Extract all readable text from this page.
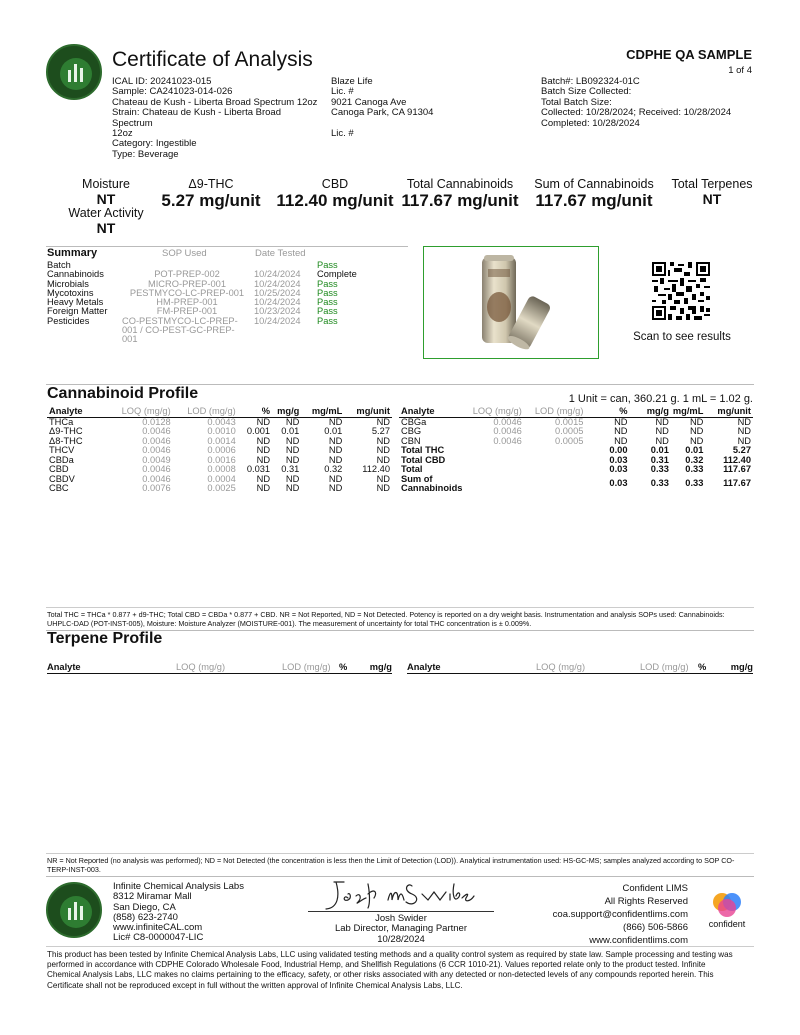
Certificate of Analysis	CDPHE QA SAMPLE
1 of 4
ICAL ID: 20241023-015
Sample: CA241023-014-026
Chateau de Kush - Liberta Broad Spectrum 12oz
Strain: Chateau de Kush - Liberta Broad Spectrum
12oz
Category: Ingestible
Type: Beverage
Blaze Life
Lic. #
9021 Canoga Ave
Canoga Park, CA 91304
Lic. #
Batch#: LB092324-01C
Batch Size Collected:
Total Batch Size:
Collected: 10/28/2024; Received: 10/28/2024
Completed: 10/28/2024
Moisture
NT
Water Activity
NT
Δ9-THC
5.27 mg/unit
CBD
112.40 mg/unit
Total Cannabinoids
117.67 mg/unit
Sum of Cannabinoids
117.67 mg/unit
Total Terpenes
NT
Summary	SOP Used	Date Tested
Batch	Pass
Cannabinoids	POT-PREP-002	10/24/2024 Complete
Microbials	MICRO-PREP-001	10/24/2024 Pass
Mycotoxins	PESTMYCO-LC-PREP-001	10/25/2024 Pass
Heavy Metals	HM-PREP-001	10/24/2024 Pass
Foreign Matter	FM-PREP-001	10/23/2024 Pass
Pesticides	CO-PESTMYCO-LC-PREP- 10/24/2024 Pass
001 / CO-PEST-GC-PREP-
001	Scan to see results
Cannabinoid Profile	1 Unit = can, 360.21 g. 1 mL = 1.02 g.
Analyte	LOQ (mg/g)	LOD (mg/g)	%	mg/g	mg/mL	mg/unit
THCa	0.0128	0.0043	ND	ND	ND	ND
Δ9-THC	0.0046	0.0010	0.001	0.01	0.01	5.27
Δ8-THC	0.0046	0.0014	ND	ND	ND	ND
THCV	0.0046	0.0006	ND	ND	ND	ND
CBDa	0.0049	0.0016	ND	ND	ND	ND
CBD	0.0046	0.0008	0.031	0.31	0.32	112.40
CBDV	0.0046	0.0004	ND	ND	ND	ND
CBC	0.0076	0.0025	ND	ND	ND	ND
Analyte	LOQ (mg/g)	LOD (mg/g)	%	mg/g	mg/mL	mg/unit
CBGa	0.0046	0.0015	ND	ND	ND	ND
CBG	0.0046	0.0005	ND	ND	ND	ND
CBN	0.0046	0.0005	ND	ND	ND	ND
Total THC			0.00	0.01	0.01	5.27
Total CBD			0.03	0.31	0.32	112.40
Total			0.03	0.33	0.33	117.67

Sum of
Cannabinoids			0.03	0.33	0.33	117.67
Total THC = THCa * 0.877 + d9-THC; Total CBD = CBDa * 0.877 + CBD. NR = Not Reported, ND = Not Detected. Potency is reported on a dry weight basis. Instrumentation and analysis SOPs used: Cannabinoids:
UHPLC-DAD (POT-INST-005), Moisture: Moisture Analyzer (MOISTURE-001). The measurement of uncertainty for total THC concentration is ± 0.009%.
Terpene Profile
Analyte	LOQ (mg/g)	LOD (mg/g) % mg/g Analyte	LOQ (mg/g)	LOD (mg/g) %	mg/g
NR = Not Reported (no analysis was performed); ND = Not Detected (the concentration is less then the Limit of Detection (LOD)). Analytical instrumentation used: HS-GC-MS; samples analyzed according to SOP CO-
TERP-INST-003.
Infinite Chemical Analysis Labs
8312 Miramar Mall
San Diego, CA
(858) 623-2740
www.infiniteCAL.com
Lic# C8-0000047-LIC
Josh Swider
Lab Director, Managing Partner
10/28/2024
Confident LIMS
All Rights Reserved
coa.support@confidentlims.com
(866) 506-5866
www.confidentlims.com
confident
This product has been tested by Infinite Chemical Analysis Labs, LLC using validated testing methods and a quality control system as required by state law. Sample processing and testing was
performed in accordance with CDPHE Colorado Wholesale Food, Industrial Hemp, and Shellfish Regulations (6 CCR 1010-21). Values reported relate only to the product tested. Infinite
Chemical Analysis Labs, LLC makes no claims pertaining to the efficacy, safety, or other risks associated with any detected or non-detected levels of any compounds reported herein. This
Certificate shall not be reproduced except in full without the written approval of Infinite Chemical Analysis Labs, LLC.
